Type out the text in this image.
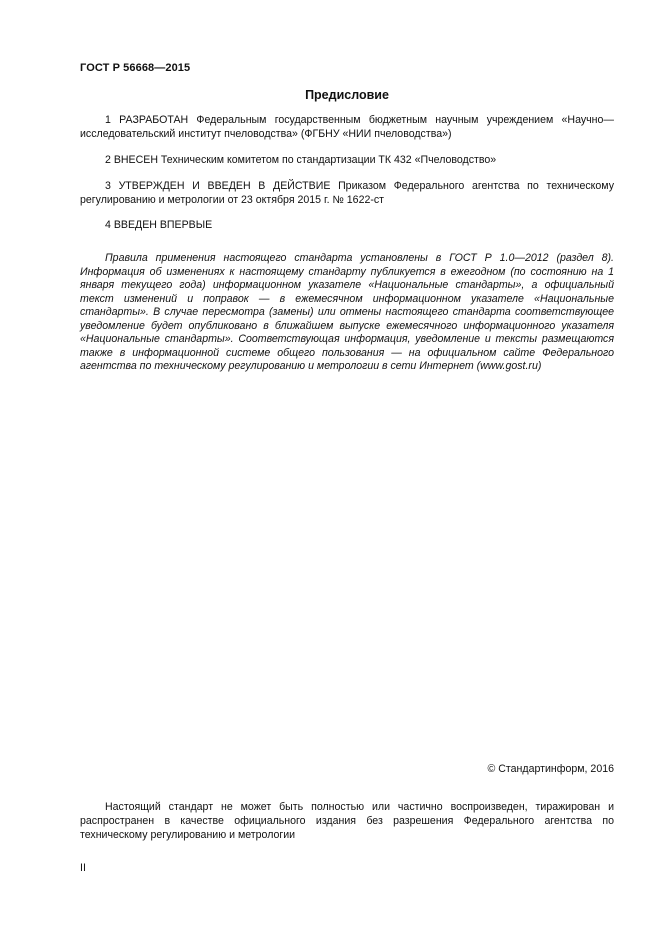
ГОСТ Р 56668—2015
Предисловие

1 РАЗРАБОТАН Федеральным государственным бюджетным научным учреждением «Научно—исследовательский институт пчеловодства» (ФГБНУ «НИИ пчеловодства»)

2 ВНЕСЕН Техническим комитетом по стандартизации ТК 432 «Пчеловодство»

3 УТВЕРЖДЕН И ВВЕДЕН В ДЕЙСТВИЕ Приказом Федерального агентства по техническому регулированию и метрологии от 23 октября 2015 г. № 1622-ст

4 ВВЕДЕН ВПЕРВЫЕ

Правила применения настоящего стандарта установлены в ГОСТ Р 1.0—2012 (раздел 8). Информация об изменениях к настоящему стандарту публикуется в ежегодном (по состоянию на 1 января текущего года) информационном указателе «Национальные стандарты», а официальный текст изменений и поправок — в ежемесячном информационном указателе «Национальные стандарты». В случае пересмотра (замены) или отмены настоящего стандарта соответствующее уведомление будет опубликовано в ближайшем выпуске ежемесячного информационного указателя «Национальные стандарты». Соответствующая информация, уведомление и тексты размещаются также в информационной системе общего пользования — на официальном сайте Федерального агентства по техническому регулированию и метрологии в сети Интернет (www.gost.ru)

© Стандартинформ, 2016

Настоящий стандарт не может быть полностью или частично воспроизведен, тиражирован и распространен в качестве официального издания без разрешения Федерального агентства по техническому регулированию и метрологии

II
